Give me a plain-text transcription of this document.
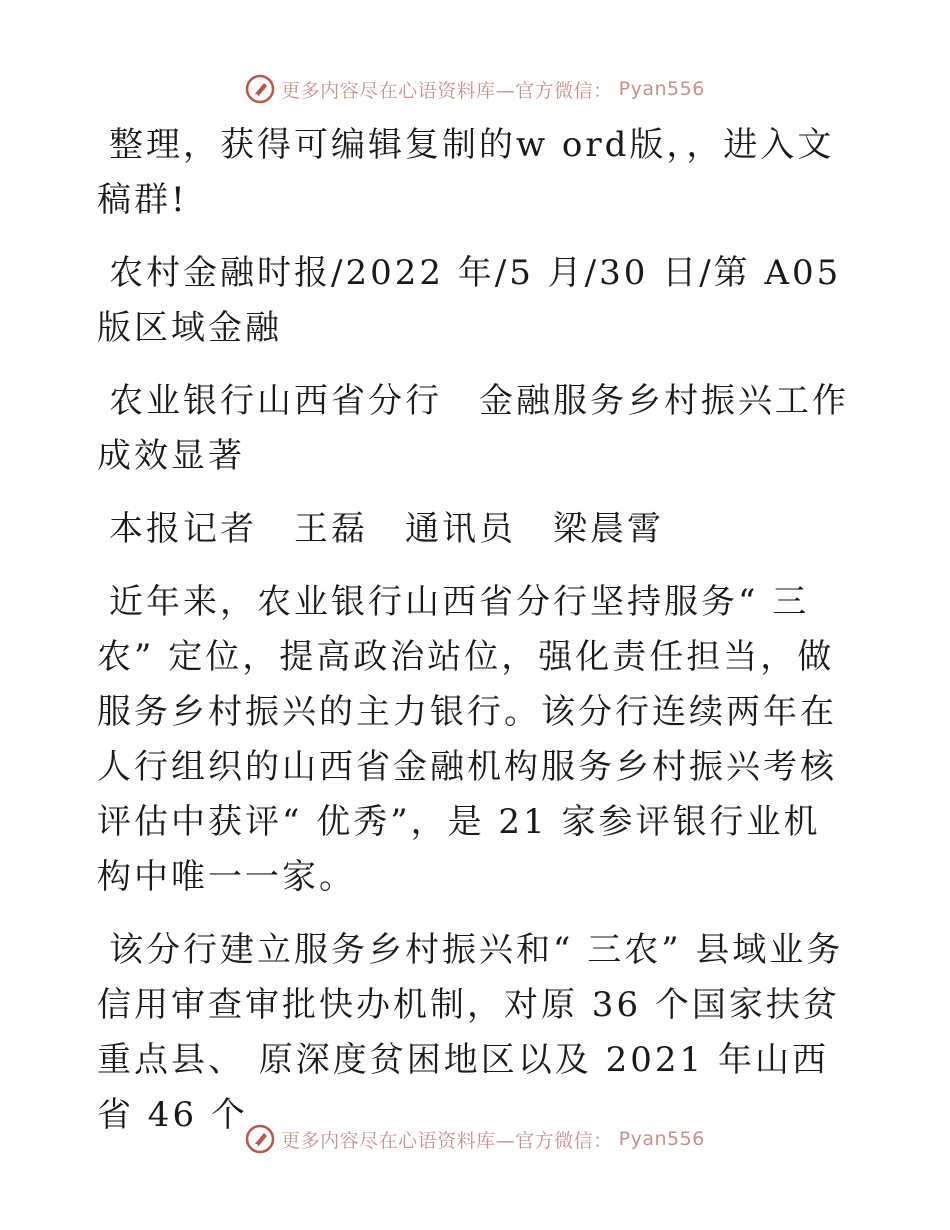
更多内容尽在心语资料库—官方微信： Pyan556

整理，获得可编辑复制的w ord版，，进入文稿群!

农村金融时报/2022 年/5 月/30 日/第 A05 版区域金融

农业银行山西省分行　金融服务乡村振兴工作成效显著

本报记者　王磊　通讯员　梁晨霄

近年来，农业银行山西省分行坚持服务“ 三农” 定位，提高政治站位，强化责任担当，做服务乡村振兴的主力银行。该分行连续两年在人行组织的山西省金融机构服务乡村振兴考核评估中获评“ 优秀”，是 21 家参评银行业机构中唯一一家。

该分行建立服务乡村振兴和“ 三农” 县域业务信用审查审批快办机制，对原 36 个国家扶贫重点县、 原深度贫困地区以及 2021 年山西省 46 个

更多内容尽在心语资料库—官方微信： Pyan556
